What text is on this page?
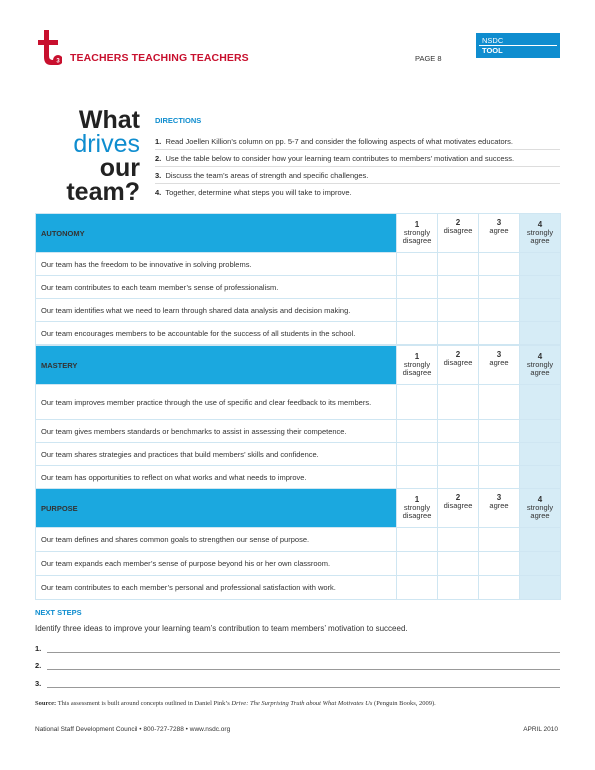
3 TEACHERS TEACHING TEACHERS	PAGE 8
NSDC
TOOL
What
drives
our
team?
DIRECTIONS
1. Read Joellen Killion’s column on pp. 5-7 and consider the following aspects of what motivates educators.
2. Use the table below to consider how your learning team contributes to members’ motivation and success.
3. Discuss the team’s areas of strength and specific challenges.
4. Together, determine what steps you will take to improve.
AUTONOMY	1
strongly
disagree	2
disagree	3
agree	4
strongly
agree
Our team has the freedom to be innovative in solving problems.				
Our team contributes to each team member’s sense of professionalism.				
Our team identifies what we need to learn through shared data analysis and decision making.				
Our team encourages members to be accountable for the success of all students in the school.				
MASTERY	1
strongly
disagree	2
disagree	3
agree	4
strongly
agree
Our team improves member practice through the use of specific and clear feedback to its members.				
Our team gives members standards or benchmarks to assist in assessing their competence.				
Our team shares strategies and practices that build members’ skills and confidence.				
Our team has opportunities to reflect on what works and what needs to improve.				
PURPOSE	1
strongly
disagree	2
disagree	3
agree	4
strongly
agree
Our team defines and shares common goals to strengthen our sense of purpose.				
Our team expands each member’s sense of purpose beyond his or her own classroom.				
Our team contributes to each member’s personal and professional satisfaction with work.				
NEXT STEPS
Identify three ideas to improve your learning team’s contribution to team members’ motivation to succeed.
1.
2.
3.
Source: This assessment is built around concepts outlined in Daniel Pink’s Drive: The Surprising Truth about What Motivates Us (Penguin Books, 2009).
National Staff Development Council • 800-727-7288 • www.nsdc.org	APRIL 2010
